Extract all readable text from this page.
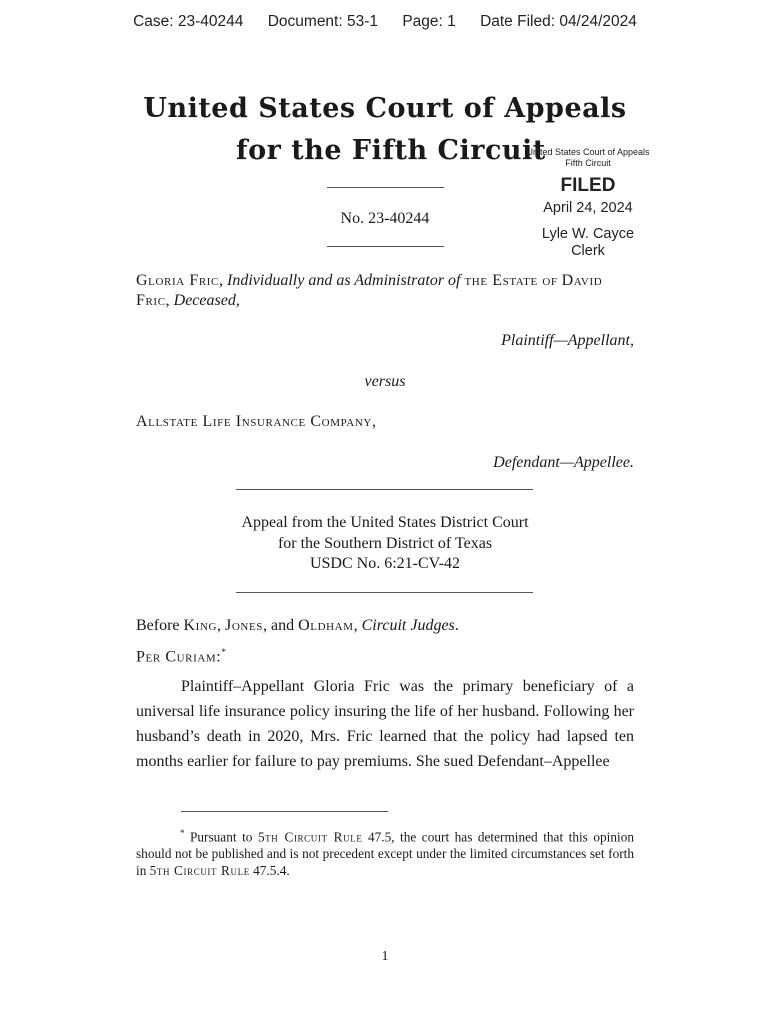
Case: 23-40244 Document: 53-1 Page: 1 Date Filed: 04/24/2024
United States Court of Appeals
for the Fifth Circuit
United States Court of Appeals
Fifth Circuit
FILED
April 24, 2024
Lyle W. Cayce
Clerk
No. 23-40244
Gloria Fric, Individually and as Administrator of the Estate of David Fric, Deceased,
Plaintiff—Appellant,
versus
Allstate Life Insurance Company,
Defendant—Appellee.
Appeal from the United States District Court
for the Southern District of Texas
USDC No. 6:21-CV-42
Before King, Jones, and Oldham, Circuit Judges.
Per Curiam:*
Plaintiff–Appellant Gloria Fric was the primary beneficiary of a universal life insurance policy insuring the life of her husband. Following her husband’s death in 2020, Mrs. Fric learned that the policy had lapsed ten months earlier for failure to pay premiums. She sued Defendant–Appellee
* Pursuant to 5th Circuit Rule 47.5, the court has determined that this opinion should not be published and is not precedent except under the limited circumstances set forth in 5th Circuit Rule 47.5.4.
1
